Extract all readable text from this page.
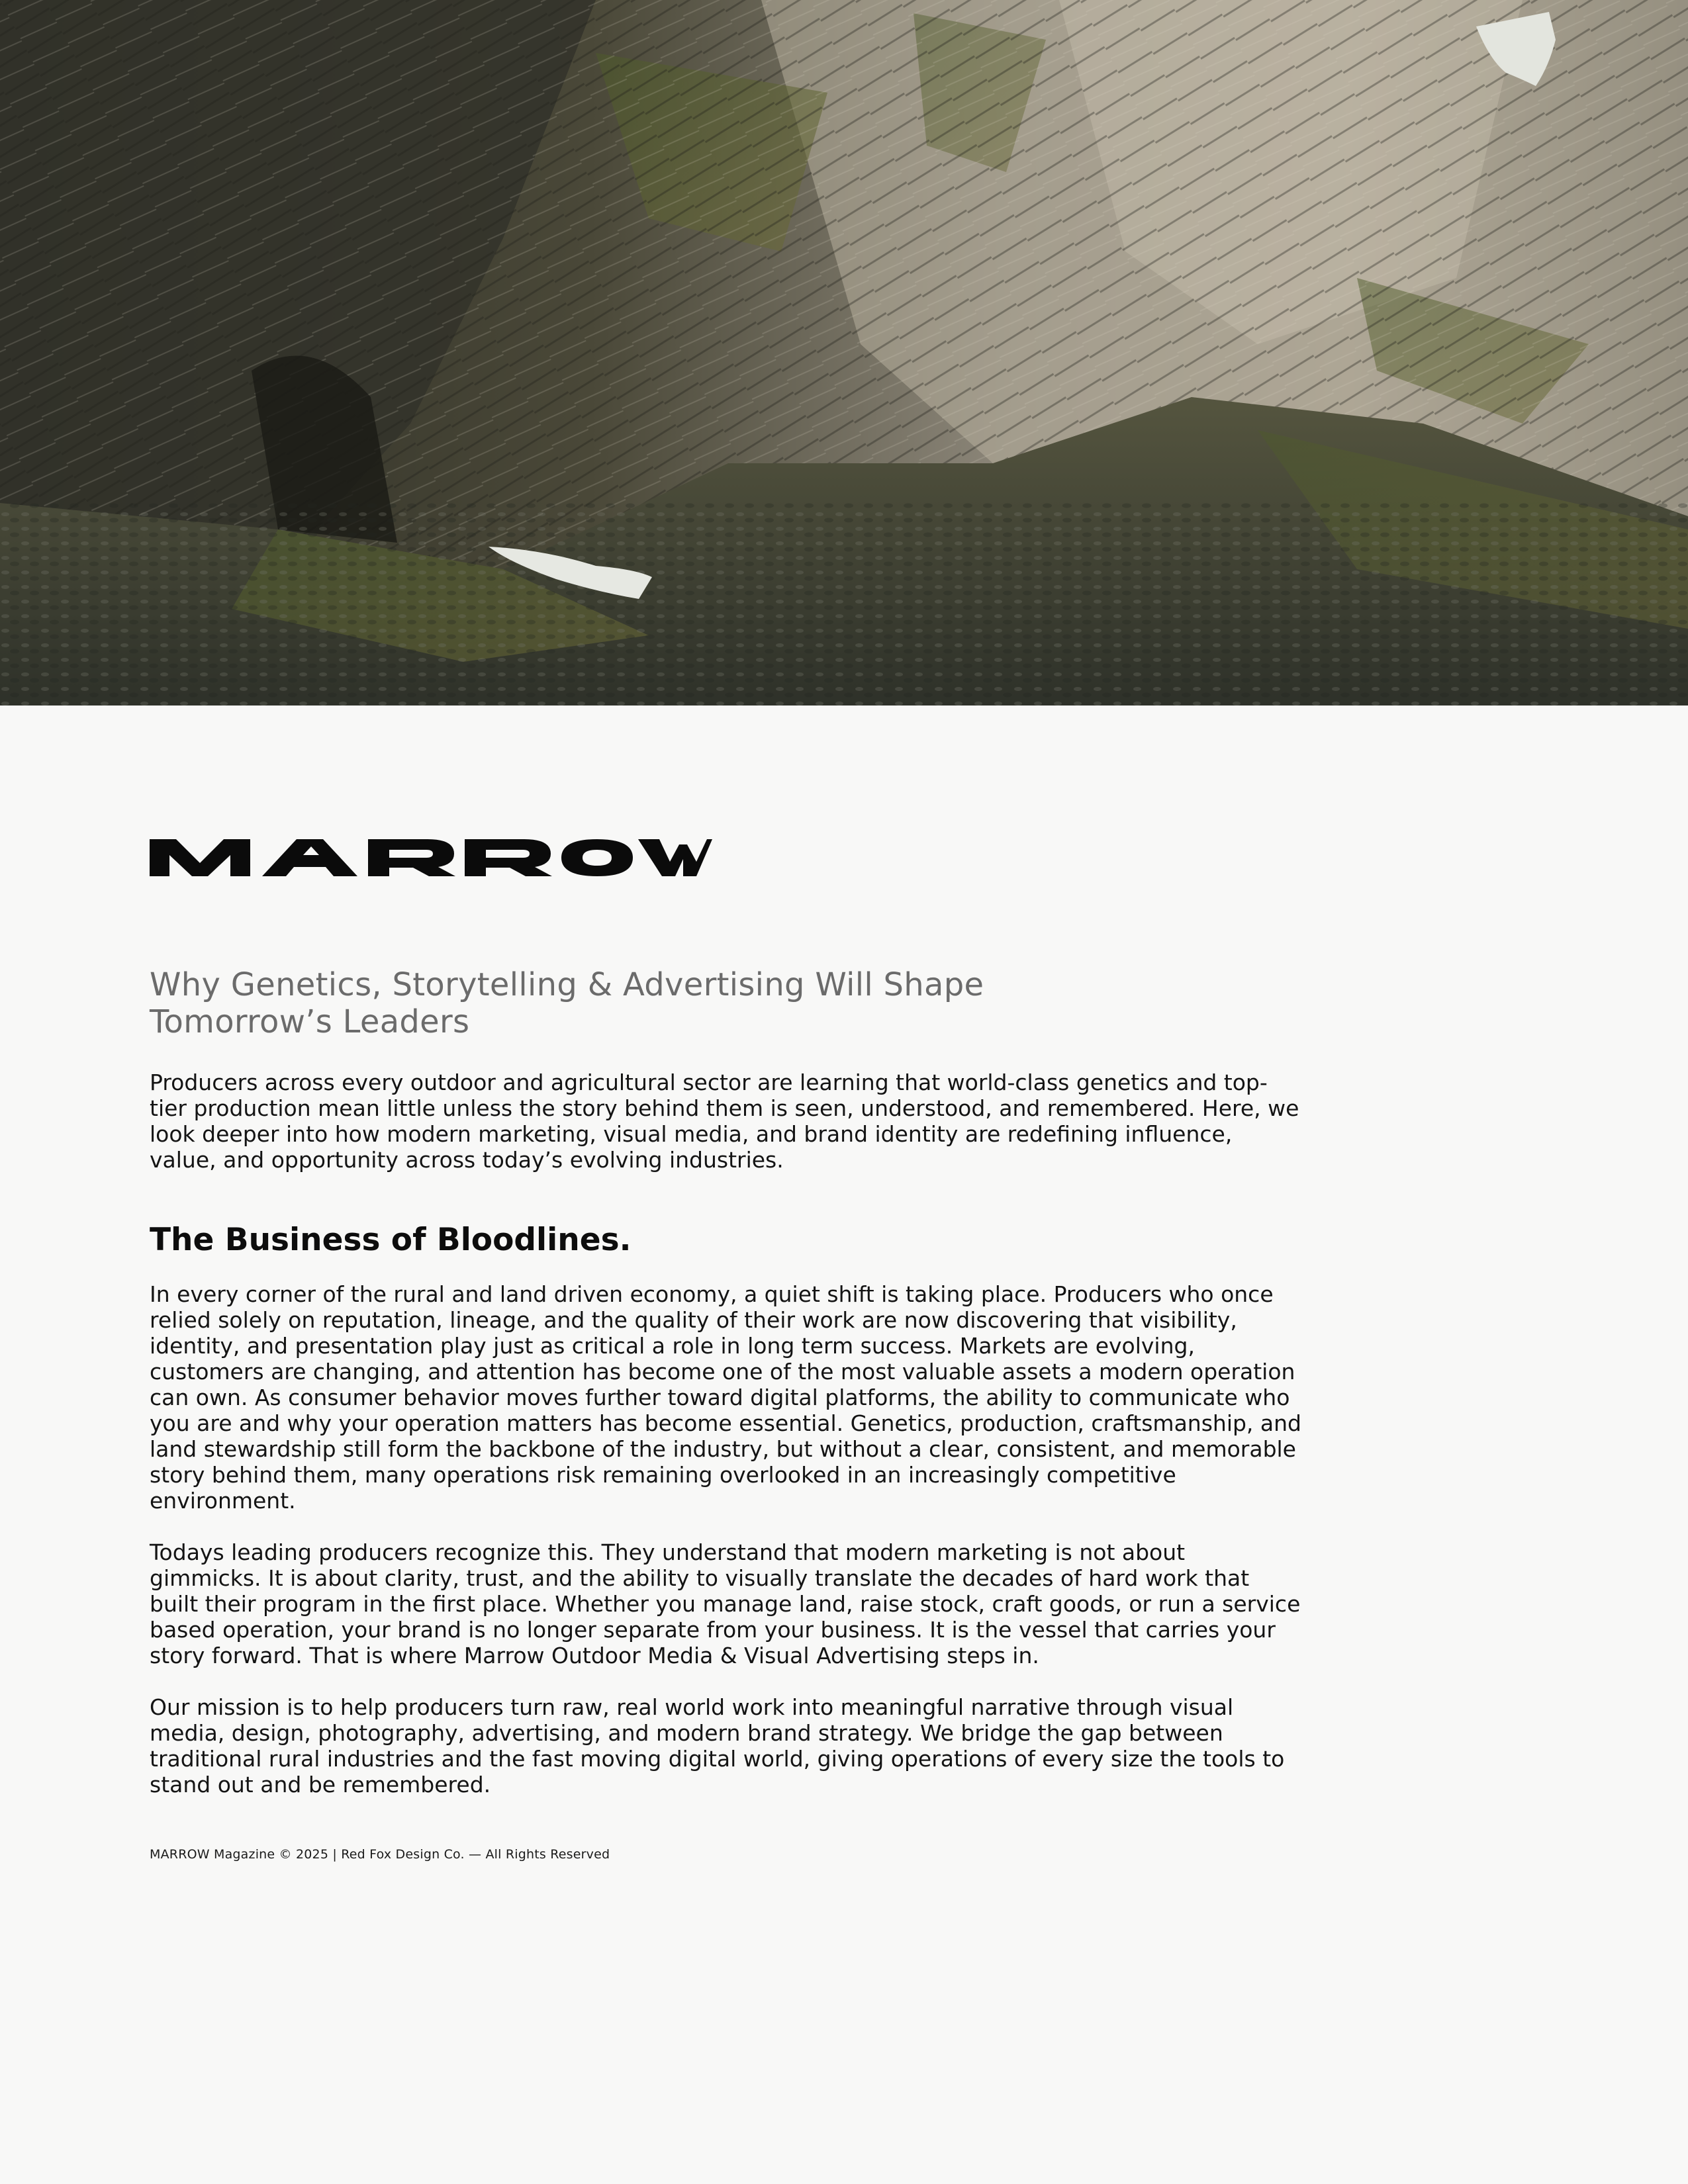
Why Genetics, Storytelling & Advertising Will Shape Tomorrow’s Leaders

Producers across every outdoor and agricultural sector are learning that world-class genetics and top-tier production mean little unless the story behind them is seen, understood, and remembered. Here, we look deeper into how modern marketing, visual media, and brand identity are redefining influence, value, and opportunity across today’s evolving industries.

The Business of Bloodlines.

In every corner of the rural and land driven economy, a quiet shift is taking place. Producers who once relied solely on reputation, lineage, and the quality of their work are now discovering that visibility, identity, and presentation play just as critical a role in long term success. Markets are evolving, customers are changing, and attention has become one of the most valuable assets a modern operation can own. As consumer behavior moves further toward digital platforms, the ability to communicate who you are and why your operation matters has become essential. Genetics, production, craftsmanship, and land stewardship still form the backbone of the industry, but without a clear, consistent, and memorable story behind them, many operations risk remaining overlooked in an increasingly competitive environment.

Todays leading producers recognize this. They understand that modern marketing is not about gimmicks. It is about clarity, trust, and the ability to visually translate the decades of hard work that built their program in the first place. Whether you manage land, raise stock, craft goods, or run a service based operation, your brand is no longer separate from your business. It is the vessel that carries your story forward. That is where Marrow Outdoor Media & Visual Advertising steps in.

Our mission is to help producers turn raw, real world work into meaningful narrative through visual media, design, photography, advertising, and modern brand strategy. We bridge the gap between traditional rural industries and the fast moving digital world, giving operations of every size the tools to stand out and be remembered.

MARROW Magazine © 2025 | Red Fox Design Co. — All Rights Reserved
